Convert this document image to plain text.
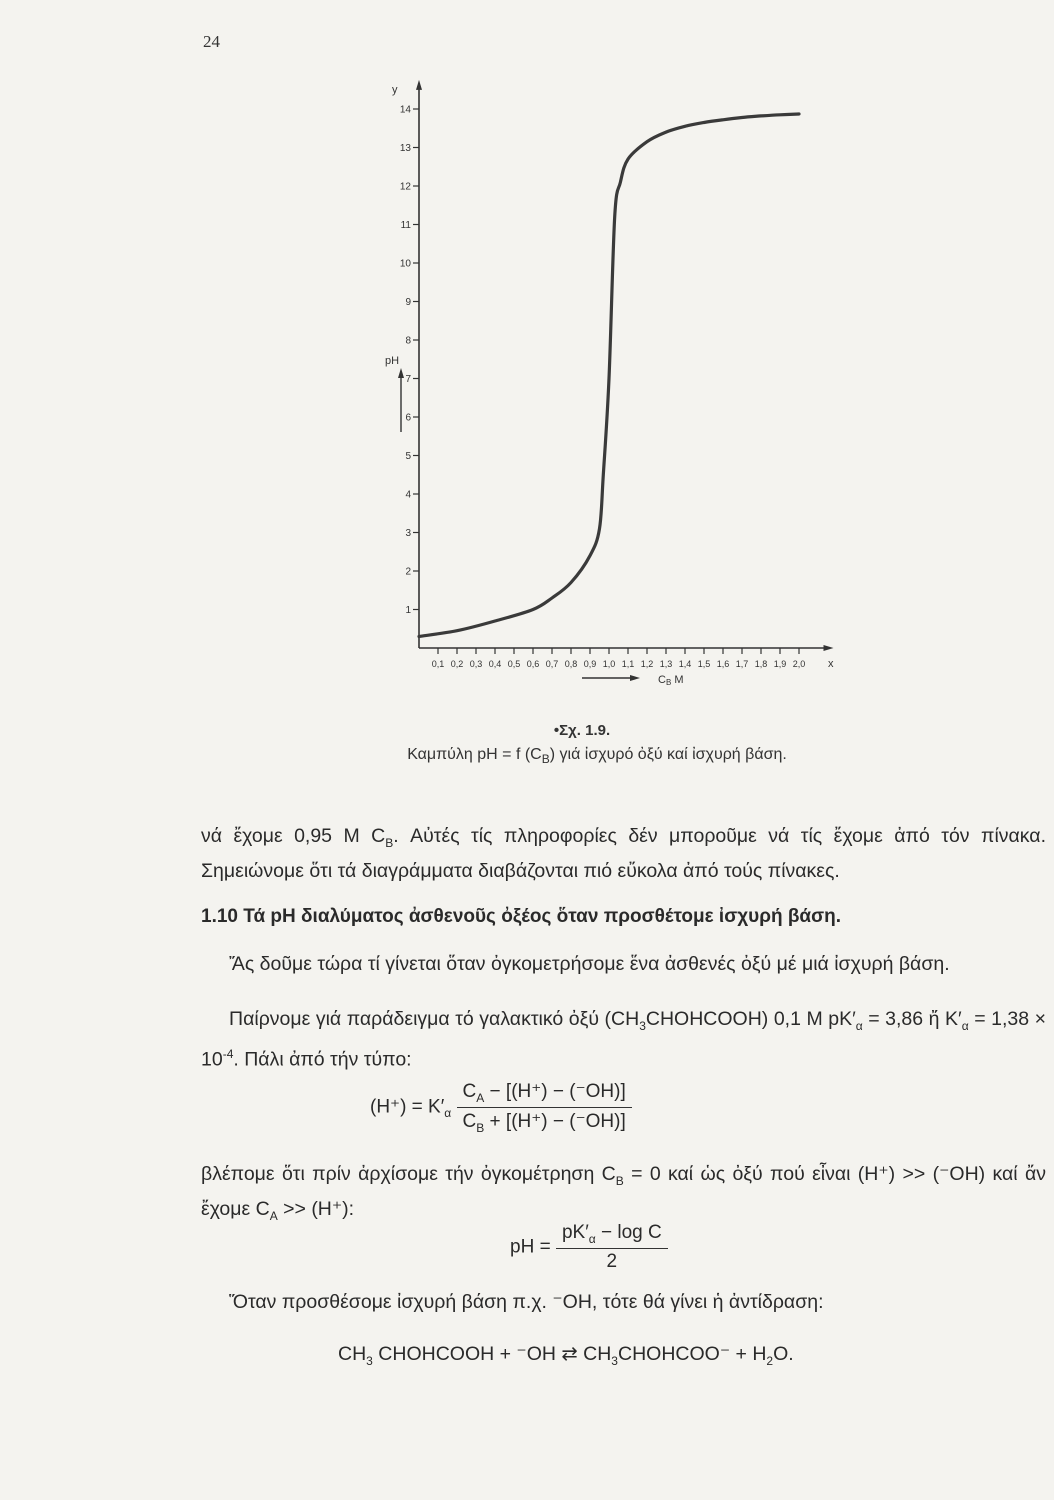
24
1
2
3
4
5
6
7
8
9
10
11
12
13
14
0,1 0,2 0,3 0,4 0,5 0,6 0,7 0,8 0,9 1,0 1,1 1,2 1,3 1,4 1,5 1,6 1,7 1,8 1,9 2,0
y
x
pH
CB M
•Σχ. 1.9.
Καμπύλη pH = f $(C_B)$ γιά ἰσχυρό ὀξύ καί ἰσχυρή βάση.
νά ἔχομε 0,95 M $C_B$. Αὐτές τίς πληροφορίες δέν μποροῦμε νά τίς ἔχομε ἀπό τόν πίνακα. Σημειώνομε ὅτι τά διαγράμματα διαβάζονται πιό εὔκολα ἀπό τούς πίνακες.
1.10 Τά pH διαλύματος ἀσθενοῦς ὀξέος ὅταν προσθέτομε ἰσχυρή βάση.
Ἄς δοῦμε τώρα τί γίνεται ὅταν ὀγκομετρήσομε ἕνα ἀσθενές ὀξύ μέ μιά ἰσχυρή βάση.
Παίρνομε γιά παράδειγμα τό γαλακτικό ὀξύ $(CH_3CHOHCOOH)$ 0,1 M $pK'_\alpha = 3,86$ ἤ $K'_\alpha = 1,38 \times 10^{-4}$. Πάλι ἀπό τήν τύπο:
$(H^+) = K'_\alpha \frac{C_A - [(H^+) - (^-OH)]}{C_B + [(H^+) - (^-OH)]}$
βλέπομε ὅτι πρίν ἀρχίσομε τήν ὀγκομέτρηση $C_B = 0$ καί ὡς ὀξύ πού εἶναι (H⁺) >> (⁻OH) καί ἄν ἔχομε $C_A >> (H^+)$:
pH = $\frac{pK'_\alpha - \log C}{2}$
Ὅταν προσθέσομε ἰσχυρή βάση π.χ. ⁻OH, τότε θά γίνει ἡ ἀντίδραση:
$CH_3$ CHOHCOOH + ⁻OH ⇄ $CH_3CHOHCOO^- + H_2O$.
